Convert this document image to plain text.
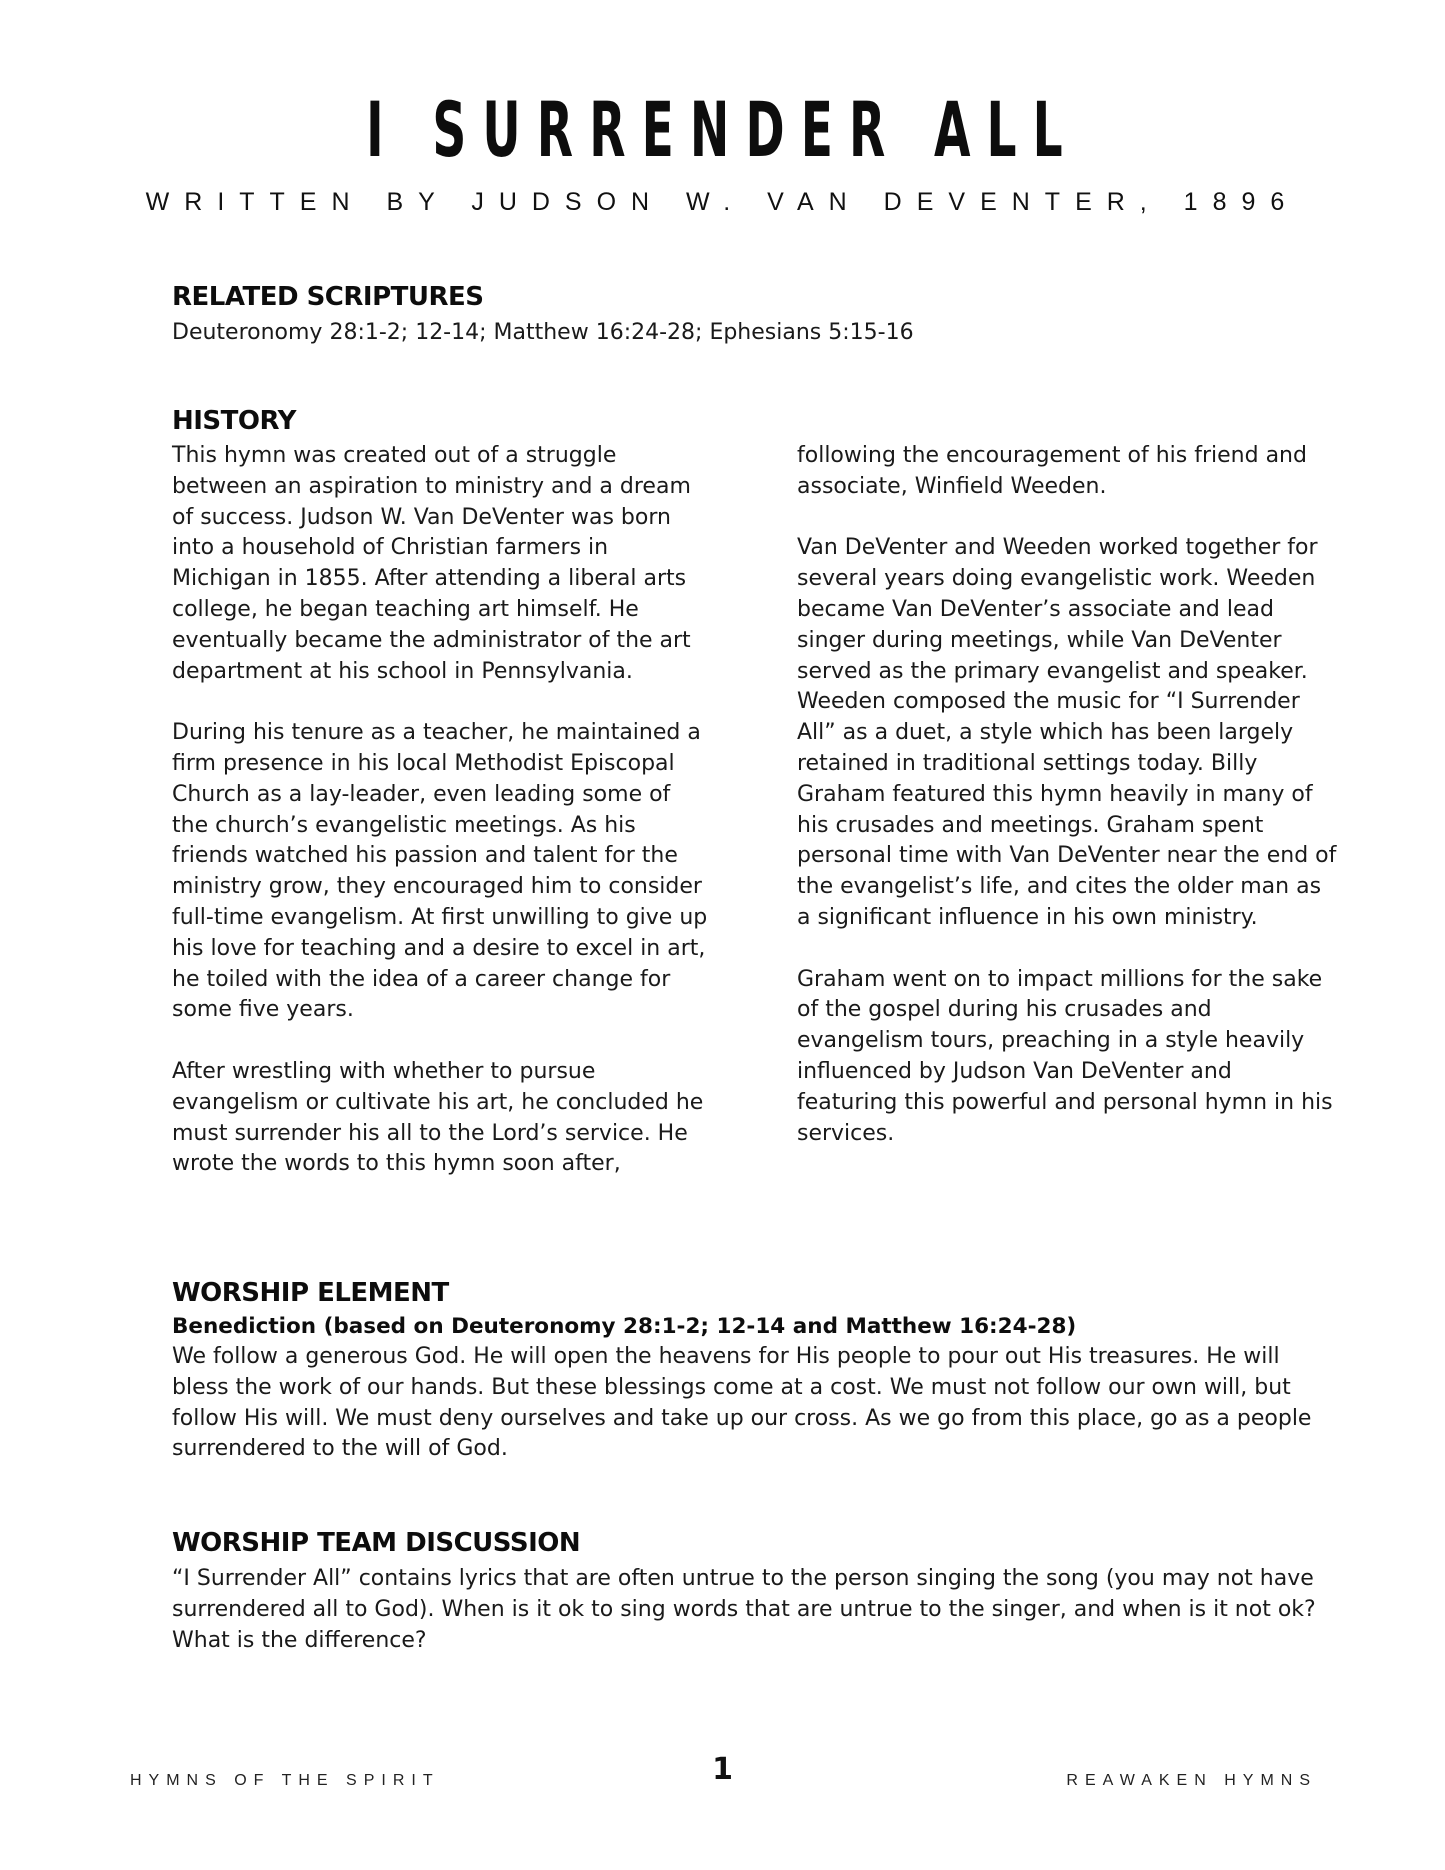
I SURRENDER ALL
WRITTEN BY JUDSON W. VAN DEVENTER, 1896
RELATED SCRIPTURES
Deuteronomy 28:1-2; 12-14; Matthew 16:24-28; Ephesians 5:15-16
HISTORY

This hymn was created out of a struggle between an aspiration to ministry and a dream of success. Judson W. Van DeVenter was born into a household of Christian farmers in Michigan in 1855. After attending a liberal arts college, he began teaching art himself. He eventually became the administrator of the art department at his school in Pennsylvania.

During his tenure as a teacher, he maintained a firm presence in his local Methodist Episcopal Church as a lay-leader, even leading some of the church’s evangelistic meetings. As his friends watched his passion and talent for the ministry grow, they encouraged him to consider full-time evangelism. At first unwilling to give up his love for teaching and a desire to excel in art, he toiled with the idea of a career change for some five years.

After wrestling with whether to pursue evangelism or cultivate his art, he concluded he must surrender his all to the Lord’s service. He wrote the words to this hymn soon after,

following the encouragement of his friend and associate, Winfield Weeden.

Van DeVenter and Weeden worked together for several years doing evangelistic work. Weeden became Van DeVenter’s associate and lead singer during meetings, while Van DeVenter served as the primary evangelist and speaker. Weeden composed the music for “I Surrender All” as a duet, a style which has been largely retained in traditional settings today. Billy Graham featured this hymn heavily in many of his crusades and meetings. Graham spent personal time with Van DeVenter near the end of the evangelist’s life, and cites the older man as a significant influence in his own ministry.

Graham went on to impact millions for the sake of the gospel during his crusades and evangelism tours, preaching in a style heavily influenced by Judson Van DeVenter and featuring this powerful and personal hymn in his services.

WORSHIP ELEMENT
Benediction (based on Deuteronomy 28:1-2; 12-14 and Matthew 16:24-28)
We follow a generous God. He will open the heavens for His people to pour out His treasures. He will bless the work of our hands. But these blessings come at a cost. We must not follow our own will, but follow His will. We must deny ourselves and take up our cross. As we go from this place, go as a people surrendered to the will of God.
WORSHIP TEAM DISCUSSION
“I Surrender All” contains lyrics that are often untrue to the person singing the song (you may not have surrendered all to God). When is it ok to sing words that are untrue to the singer, and when is it not ok? What is the difference?
HYMNS OF THE SPIRIT	1	REAWAKEN HYMNS
